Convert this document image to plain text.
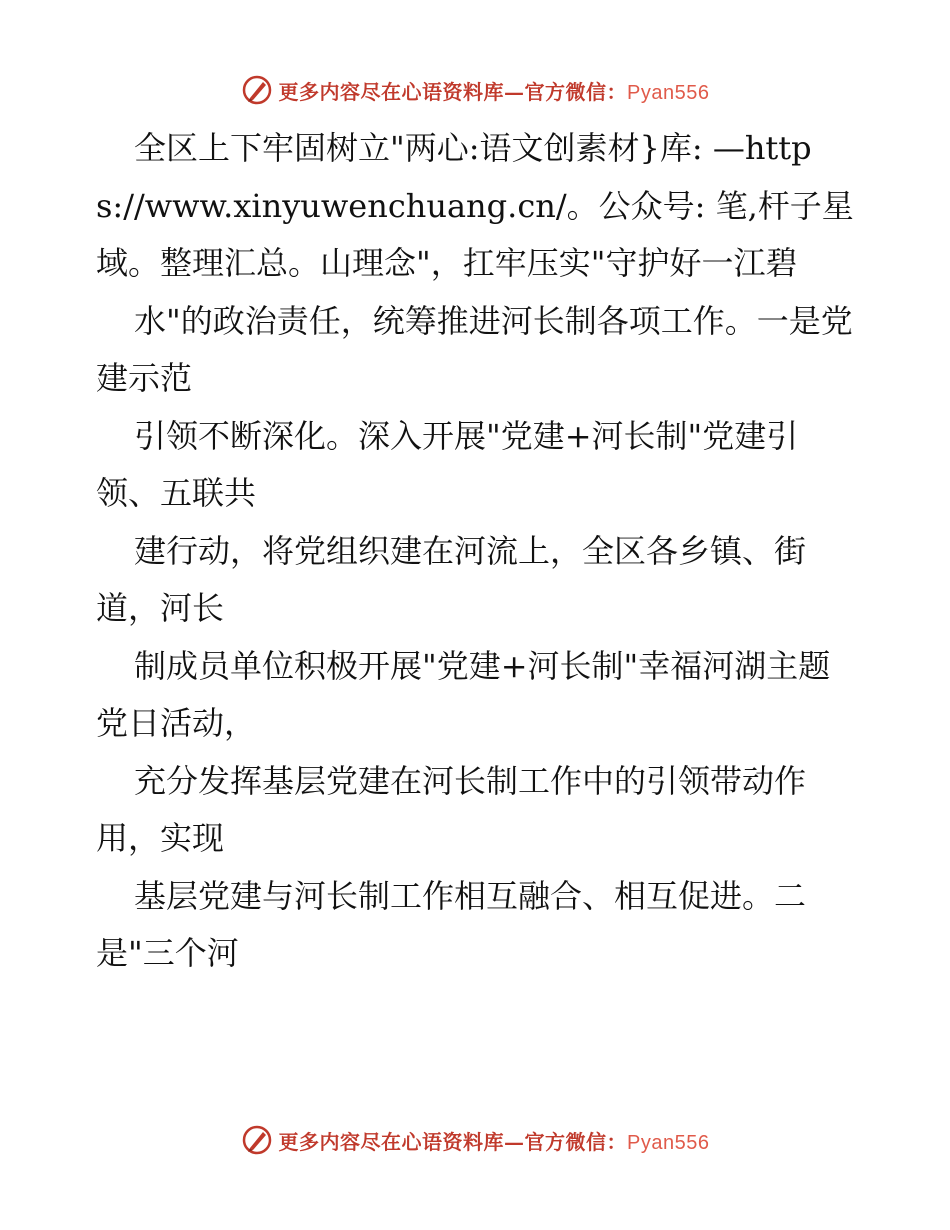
更多内容尽在心语资料库—官方微信：Pyan556

全区上下牢固树立"两心:语文创素材}库: —https://www.xinyuwenchuang.cn/。公众号: 笔,杆子星域。整理汇总。山理念"，扛牢压实"守护好一江碧

水"的政治责任，统筹推进河长制各项工作。一是党建示范

引领不断深化。深入开展"党建+河长制"党建引领、五联共

建行动，将党组织建在河流上，全区各乡镇、街道，河长

制成员单位积极开展"党建+河长制"幸福河湖主题党日活动，

充分发挥基层党建在河长制工作中的引领带动作用，实现

基层党建与河长制工作相互融合、相互促进。二是"三个河

更多内容尽在心语资料库—官方微信：Pyan556
